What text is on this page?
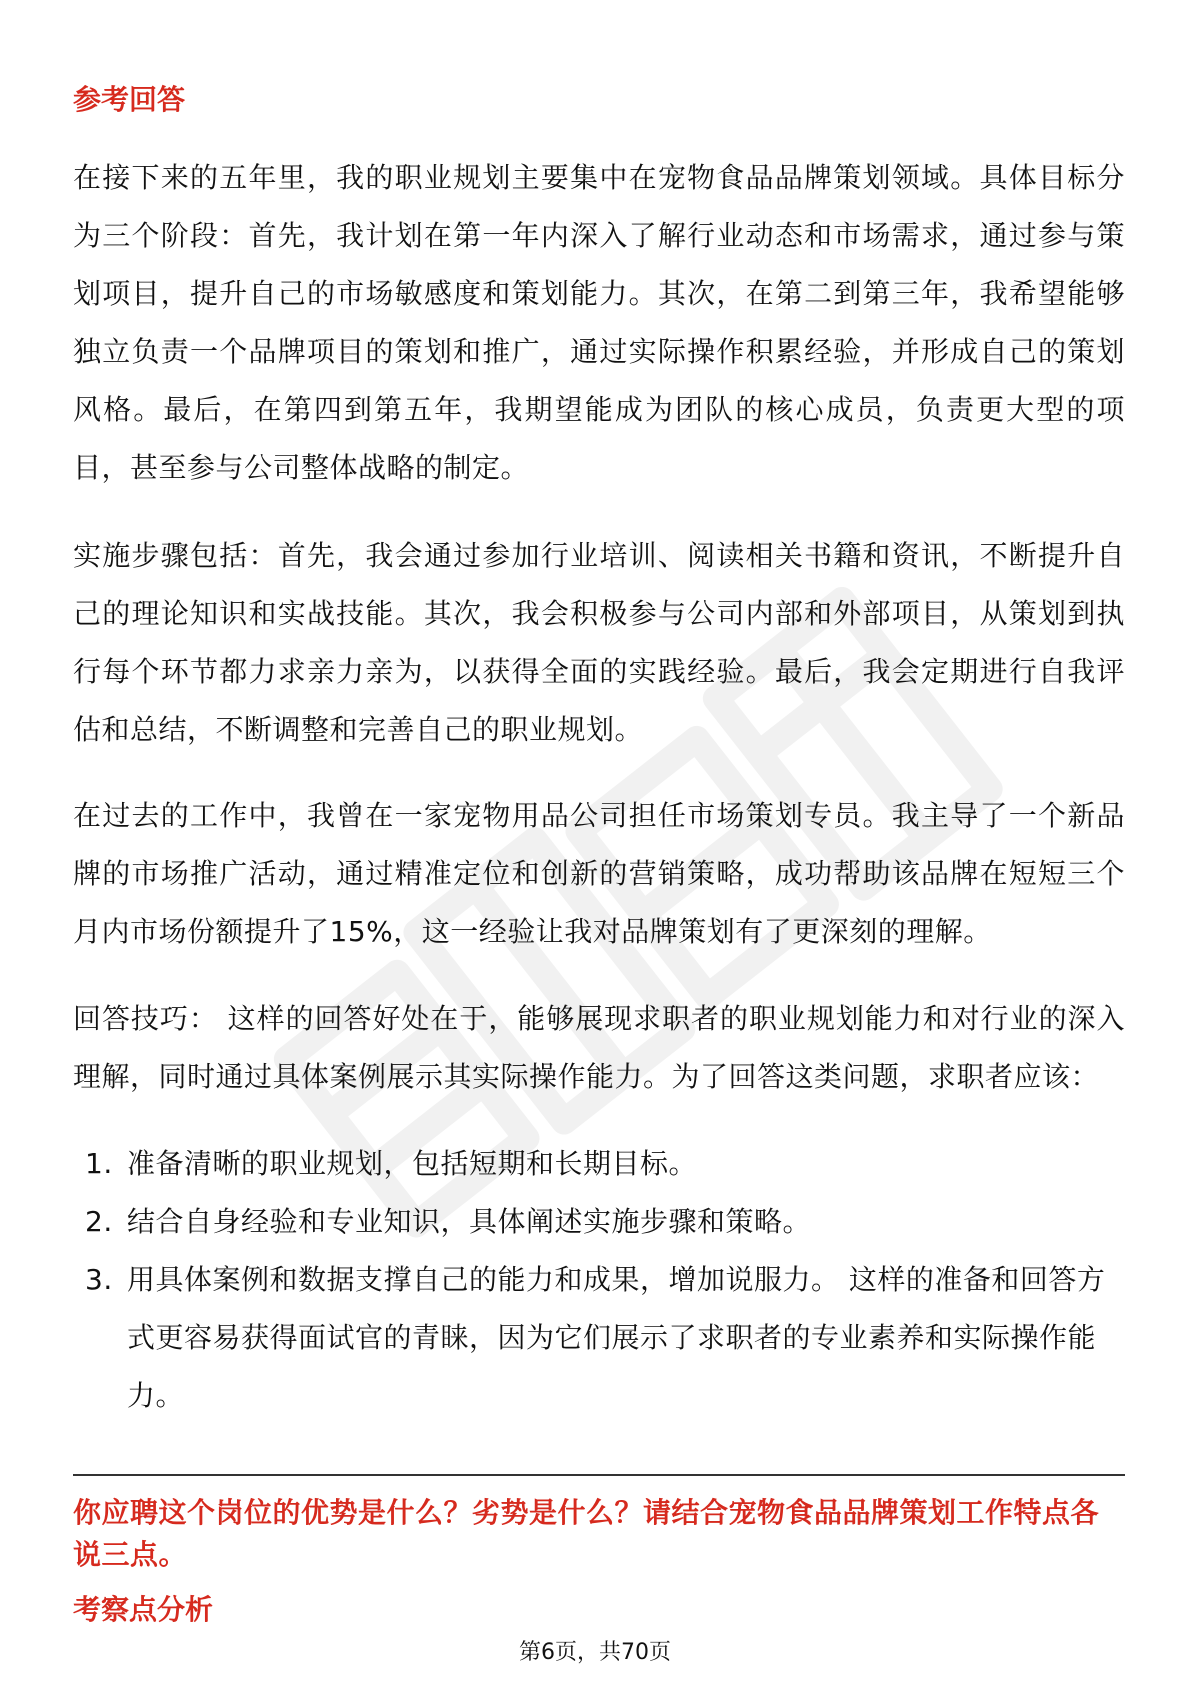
参考回答

在接下来的五年里，我的职业规划主要集中在宠物食品品牌策划领域。具体目标分为三个阶段：首先，我计划在第一年内深入了解行业动态和市场需求，通过参与策划项目，提升自己的市场敏感度和策划能力。其次，在第二到第三年，我希望能够独立负责一个品牌项目的策划和推广，通过实际操作积累经验，并形成自己的策划风格。最后，在第四到第五年，我期望能成为团队的核心成员，负责更大型的项目，甚至参与公司整体战略的制定。

实施步骤包括：首先，我会通过参加行业培训、阅读相关书籍和资讯，不断提升自己的理论知识和实战技能。其次，我会积极参与公司内部和外部项目，从策划到执行每个环节都力求亲力亲为，以获得全面的实践经验。最后，我会定期进行自我评估和总结，不断调整和完善自己的职业规划。

在过去的工作中，我曾在一家宠物用品公司担任市场策划专员。我主导了一个新品牌的市场推广活动，通过精准定位和创新的营销策略，成功帮助该品牌在短短三个月内市场份额提升了15%，这一经验让我对品牌策划有了更深刻的理解。

回答技巧： 这样的回答好处在于，能够展现求职者的职业规划能力和对行业的深入理解，同时通过具体案例展示其实际操作能力。为了回答这类问题，求职者应该：

1. 准备清晰的职业规划，包括短期和长期目标。
2. 结合自身经验和专业知识，具体阐述实施步骤和策略。
3. 用具体案例和数据支撑自己的能力和成果，增加说服力。 这样的准备和回答方式更容易获得面试官的青睐，因为它们展示了求职者的专业素养和实际操作能力。
你应聘这个岗位的优势是什么？劣势是什么？请结合宠物食品品牌策划工作特点各说三点。
考察点分析
第6页，共70页
